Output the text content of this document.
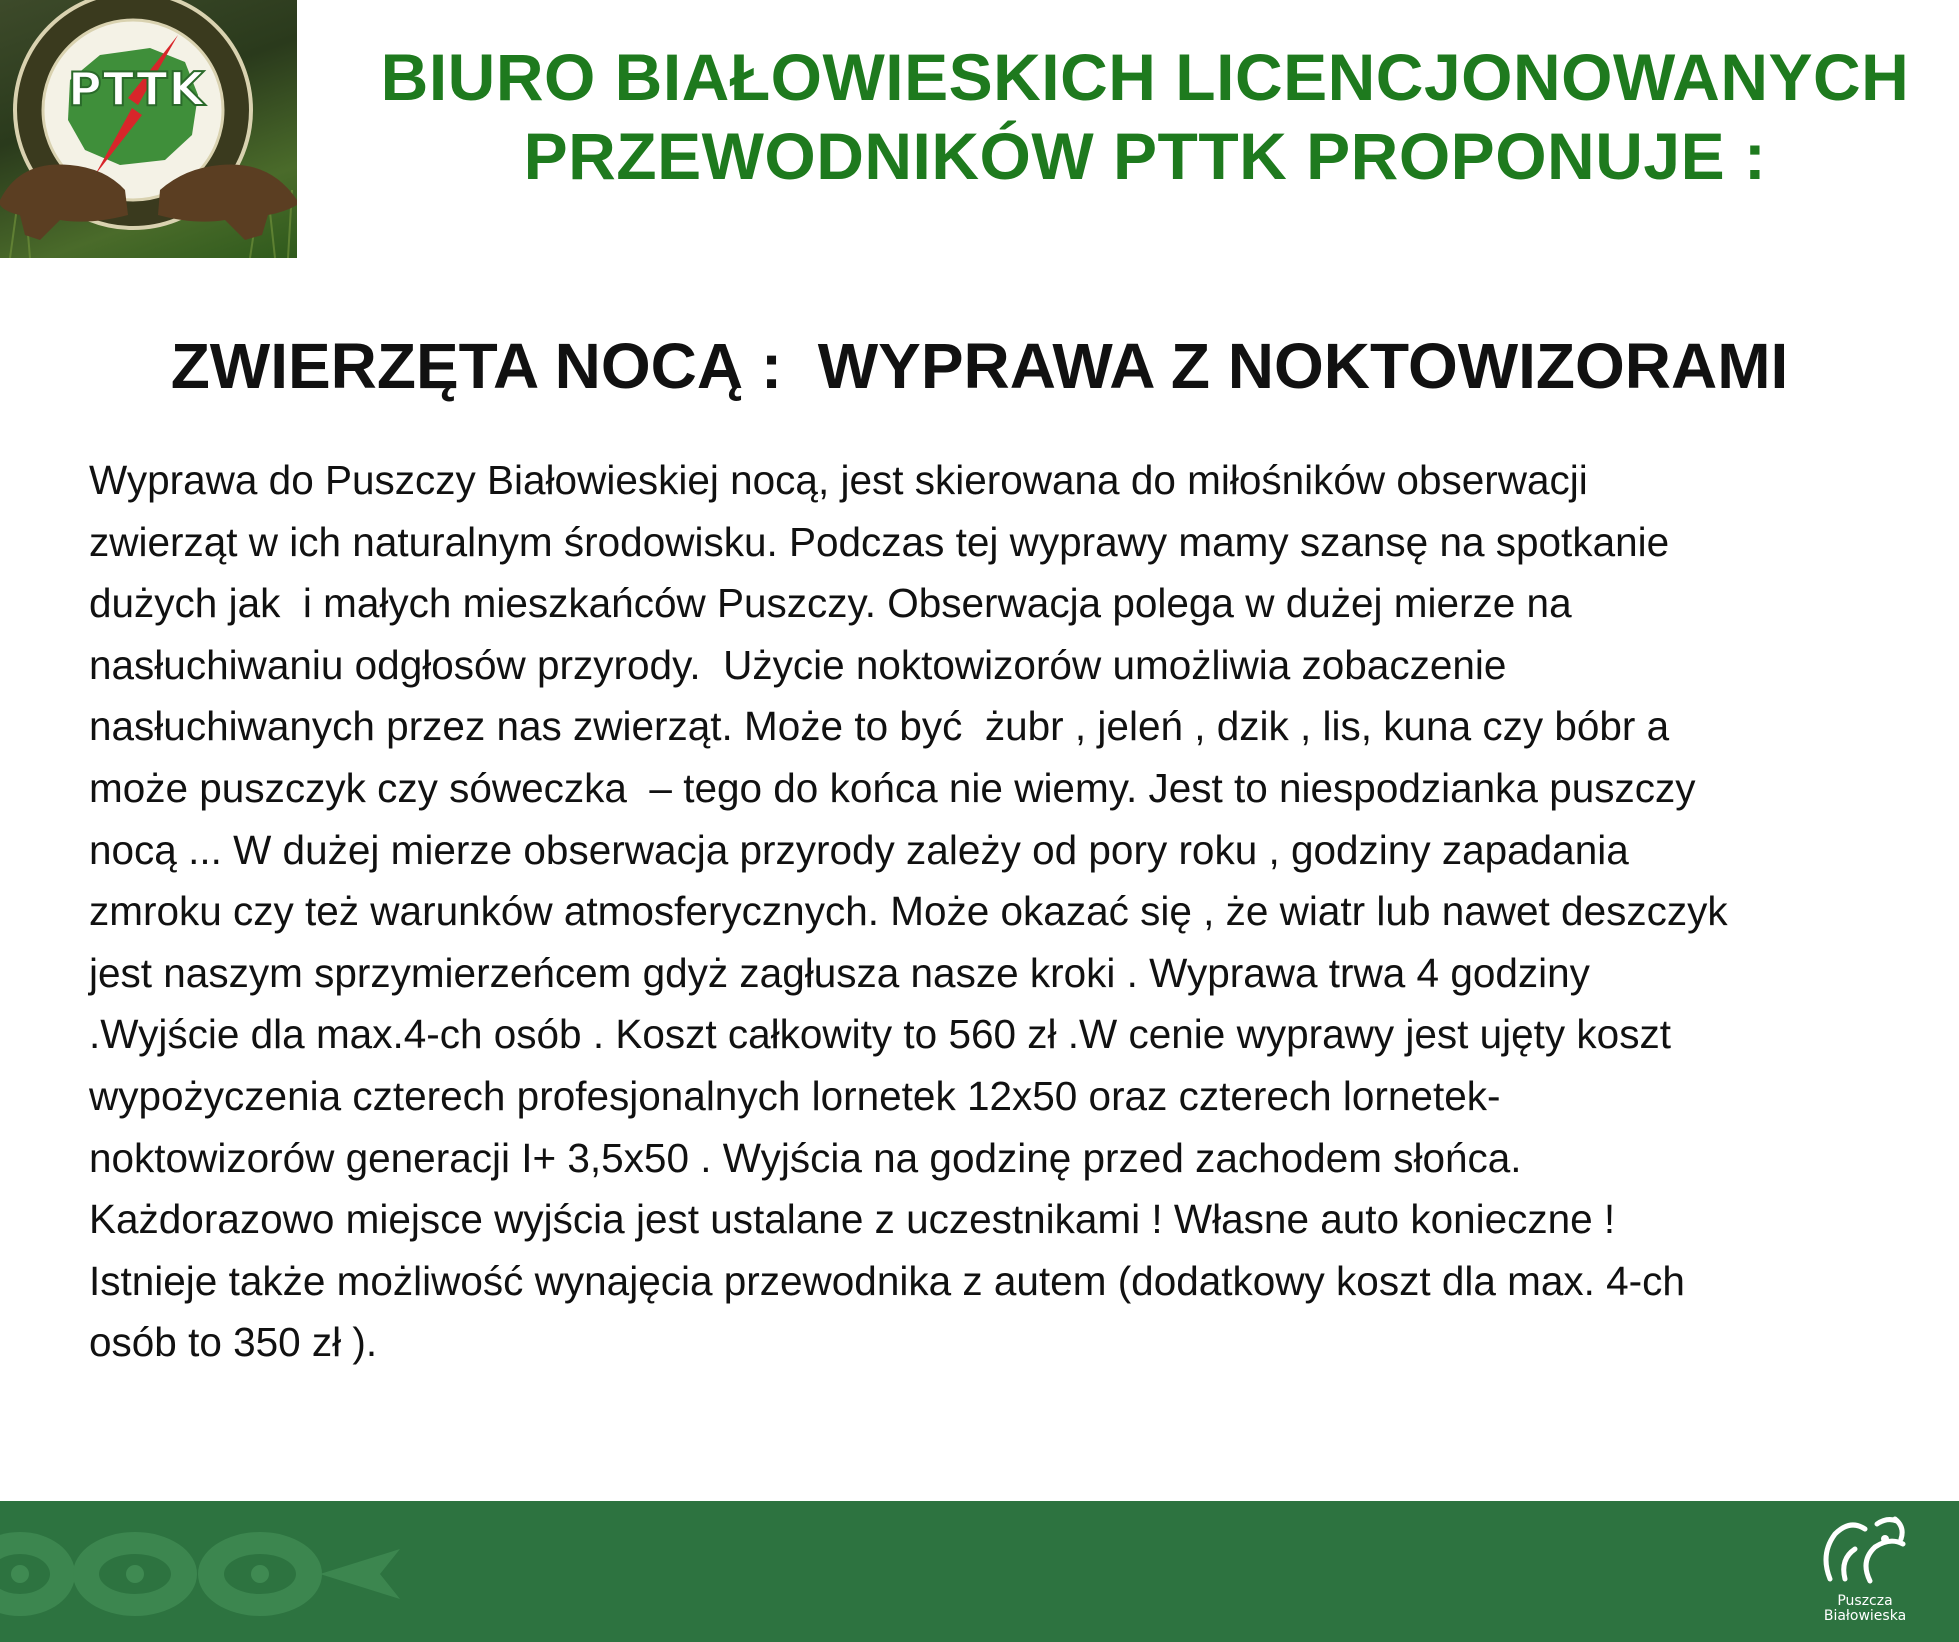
PTTK	BIURO BIAŁOWIESKICH LICENCJONOWANYCH
PRZEWODNIKÓW PTTK PROPONUJE :
ZWIERZĘTA NOCĄ :  WYPRAWA Z NOKTOWIZORAMI
Wyprawa do Puszczy Białowieskiej nocą, jest skierowana do miłośników obserwacji
zwierząt w ich naturalnym środowisku. Podczas tej wyprawy mamy szansę na spotkanie
dużych jak  i małych mieszkańców Puszczy. Obserwacja polega w dużej mierze na
nasłuchiwaniu odgłosów przyrody.  Użycie noktowizorów umożliwia zobaczenie
nasłuchiwanych przez nas zwierząt. Może to być  żubr , jeleń , dzik , lis, kuna czy bóbr a
może puszczyk czy sóweczka  – tego do końca nie wiemy. Jest to niespodzianka puszczy
nocą ... W dużej mierze obserwacja przyrody zależy od pory roku , godziny zapadania
zmroku czy też warunków atmosferycznych. Może okazać się , że wiatr lub nawet deszczyk
jest naszym sprzymierzeńcem gdyż zagłusza nasze kroki . Wyprawa trwa 4 godziny
.Wyjście dla max.4-ch osób . Koszt całkowity to 560 zł .W cenie wyprawy jest ujęty koszt
wypożyczenia czterech profesjonalnych lornetek 12x50 oraz czterech lornetek-
noktowizorów generacji I+ 3,5x50 . Wyjścia na godzinę przed zachodem słońca.
Każdorazowo miejsce wyjścia jest ustalane z uczestnikami ! Własne auto konieczne !
Istnieje także możliwość wynajęcia przewodnika z autem (dodatkowy koszt dla max. 4-ch
osób to 350 zł ).
Puszcza
Białowieska
